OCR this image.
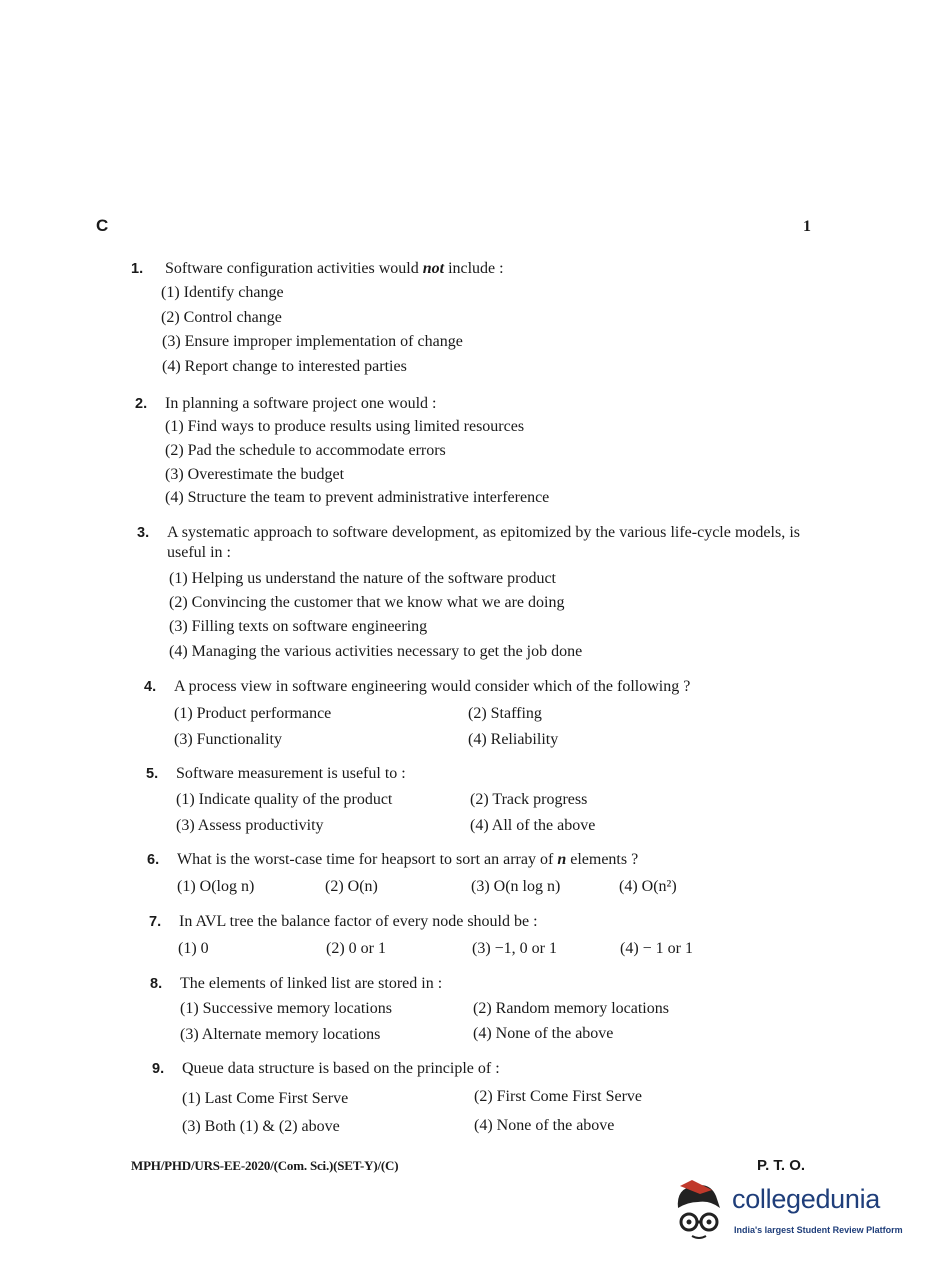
C	1
1. Software configuration activities would not include :
(1) Identify change
(2) Control change
(3) Ensure improper implementation of change
(4) Report change to interested parties
2. In planning a software project one would :
(1) Find ways to produce results using limited resources
(2) Pad the schedule to accommodate errors
(3) Overestimate the budget
(4) Structure the team to prevent administrative interference
3. A systematic approach to software development, as epitomized by the various life-cycle models, is useful in :
(1) Helping us understand the nature of the software product
(2) Convincing the customer that we know what we are doing
(3) Filling texts on software engineering
(4) Managing the various activities necessary to get the job done
4. A process view in software engineering would consider which of the following ?
(1) Product performance	(2) Staffing
(3) Functionality	(4) Reliability
5. Software measurement is useful to :
(1) Indicate quality of the product	(2) Track progress
(3) Assess productivity	(4) All of the above
6. What is the worst-case time for heapsort to sort an array of n elements ?
(1) O(log n)	(2) O(n)	(3) O(n log n)	(4) O(n²)
7. In AVL tree the balance factor of every node should be :
(1) 0	(2) 0 or 1	(3) −1, 0 or 1	(4) − 1 or 1
8. The elements of linked list are stored in :
(1) Successive memory locations	(2) Random memory locations
(3) Alternate memory locations	(4) None of the above
9. Queue data structure is based on the principle of :
(1) Last Come First Serve	(2) First Come First Serve
(3) Both (1) & (2) above	(4) None of the above
MPH/PHD/URS-EE-2020/(Com. Sci.)(SET-Y)/(C)	P. T. O.
collegedunia
India's largest Student Review Platform
